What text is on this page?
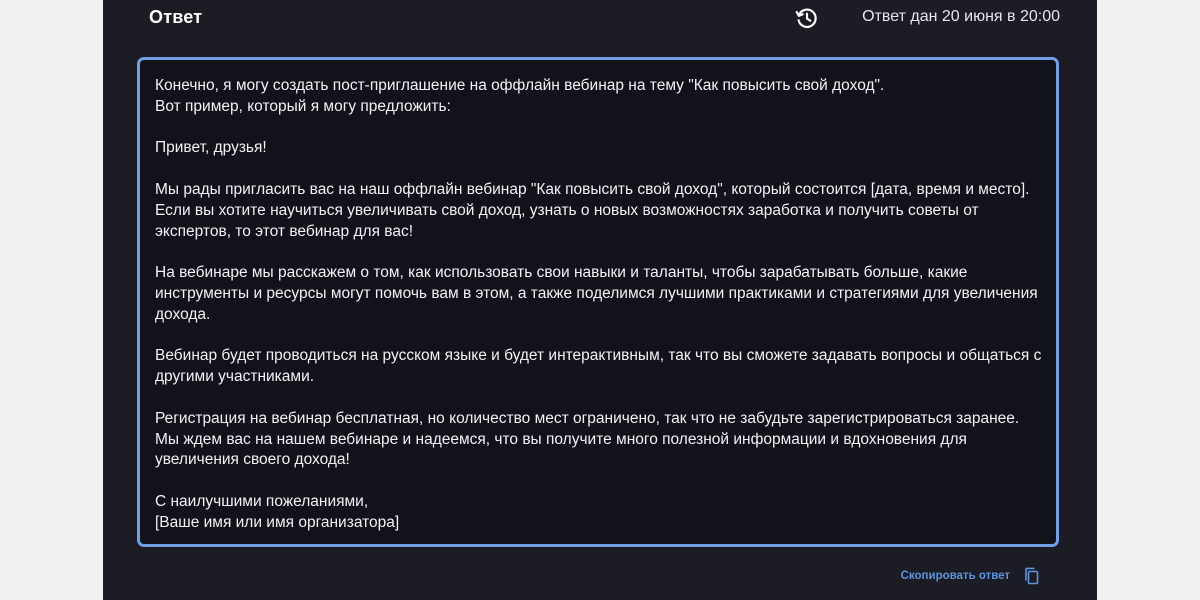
Ответ	Ответ дан 20 июня в 20:00

Конечно, я могу создать пост-приглашение на оффлайн вебинар на тему "Как повысить свой доход".
Вот пример, который я могу предложить:

Привет, друзья!

Мы рады пригласить вас на наш оффлайн вебинар "Как повысить свой доход", который состоится [дата, время и место]. Если вы хотите научиться увеличивать свой доход, узнать о новых возможностях заработка и получить советы от экспертов, то этот вебинар для вас!

На вебинаре мы расскажем о том, как использовать свои навыки и таланты, чтобы зарабатывать больше, какие инструменты и ресурсы могут помочь вам в этом, а также поделимся лучшими практиками и стратегиями для увеличения дохода.

Вебинар будет проводиться на русском языке и будет интерактивным, так что вы сможете задавать вопросы и общаться с другими участниками.

Регистрация на вебинар бесплатная, но количество мест ограничено, так что не забудьте зарегистрироваться заранее. Мы ждем вас на нашем вебинаре и надеемся, что вы получите много полезной информации и вдохновения для увеличения своего дохода!

С наилучшими пожеланиями,
[Ваше имя или имя организатора]

Скопировать ответ
